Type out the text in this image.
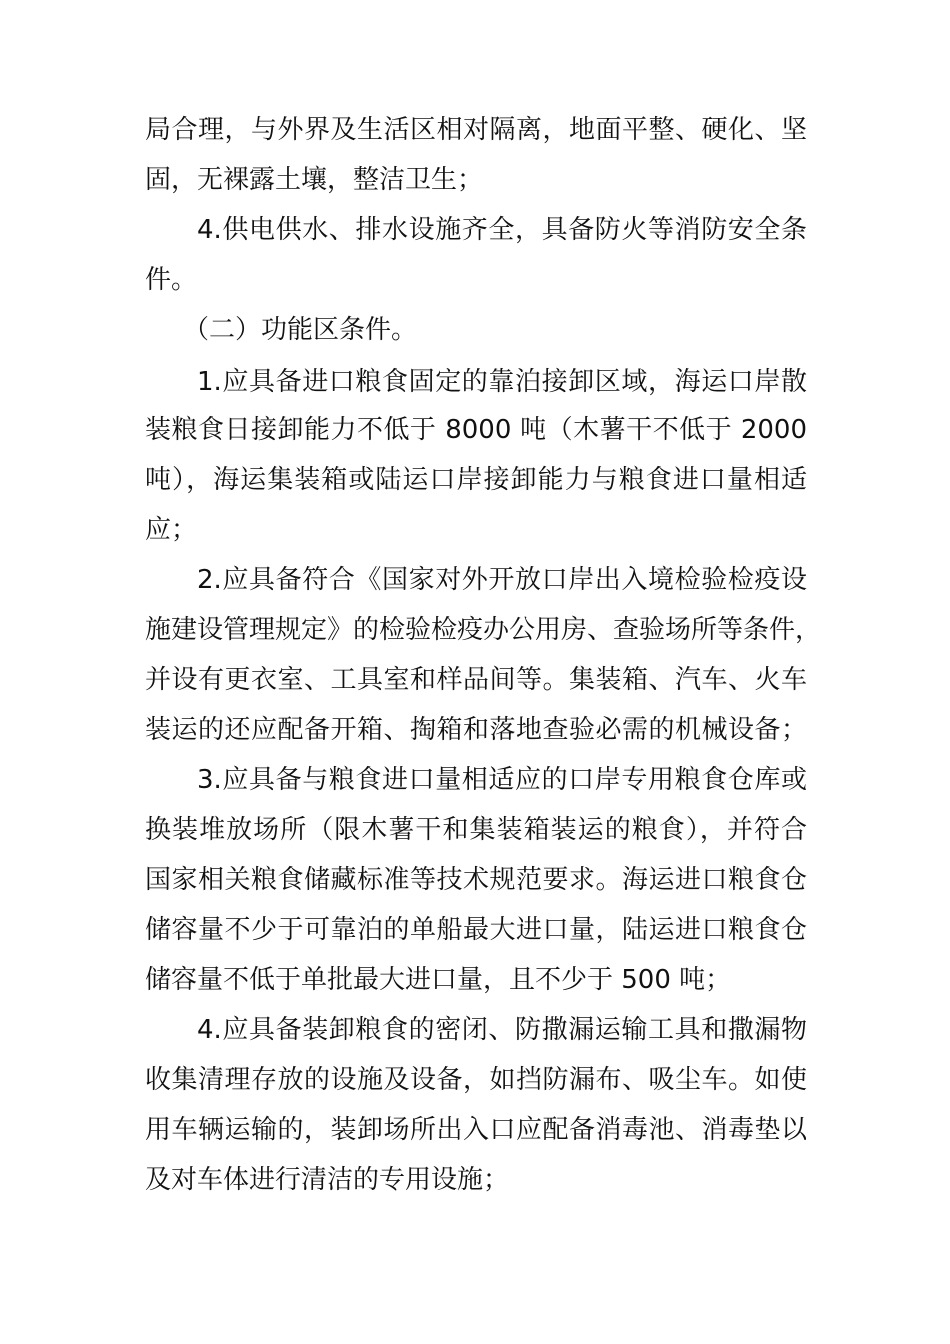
局合理，与外界及生活区相对隔离，地面平整、硬化、坚
固，无裸露土壤，整洁卫生；
4.供电供水、排水设施齐全，具备防火等消防安全条
件。
（二）功能区条件。
1.应具备进口粮食固定的靠泊接卸区域，海运口岸散
装粮食日接卸能力不低于 8000 吨（木薯干不低于 2000
吨），海运集装箱或陆运口岸接卸能力与粮食进口量相适
应；
2.应具备符合《国家对外开放口岸出入境检验检疫设
施建设管理规定》的检验检疫办公用房、查验场所等条件，
并设有更衣室、工具室和样品间等。集装箱、汽车、火车
装运的还应配备开箱、掏箱和落地查验必需的机械设备；
3.应具备与粮食进口量相适应的口岸专用粮食仓库或
换装堆放场所（限木薯干和集装箱装运的粮食），并符合
国家相关粮食储藏标准等技术规范要求。海运进口粮食仓
储容量不少于可靠泊的单船最大进口量，陆运进口粮食仓
储容量不低于单批最大进口量，且不少于 500 吨；
4.应具备装卸粮食的密闭、防撒漏运输工具和撒漏物
收集清理存放的设施及设备，如挡防漏布、吸尘车。如使
用车辆运输的，装卸场所出入口应配备消毒池、消毒垫以
及对车体进行清洁的专用设施；
